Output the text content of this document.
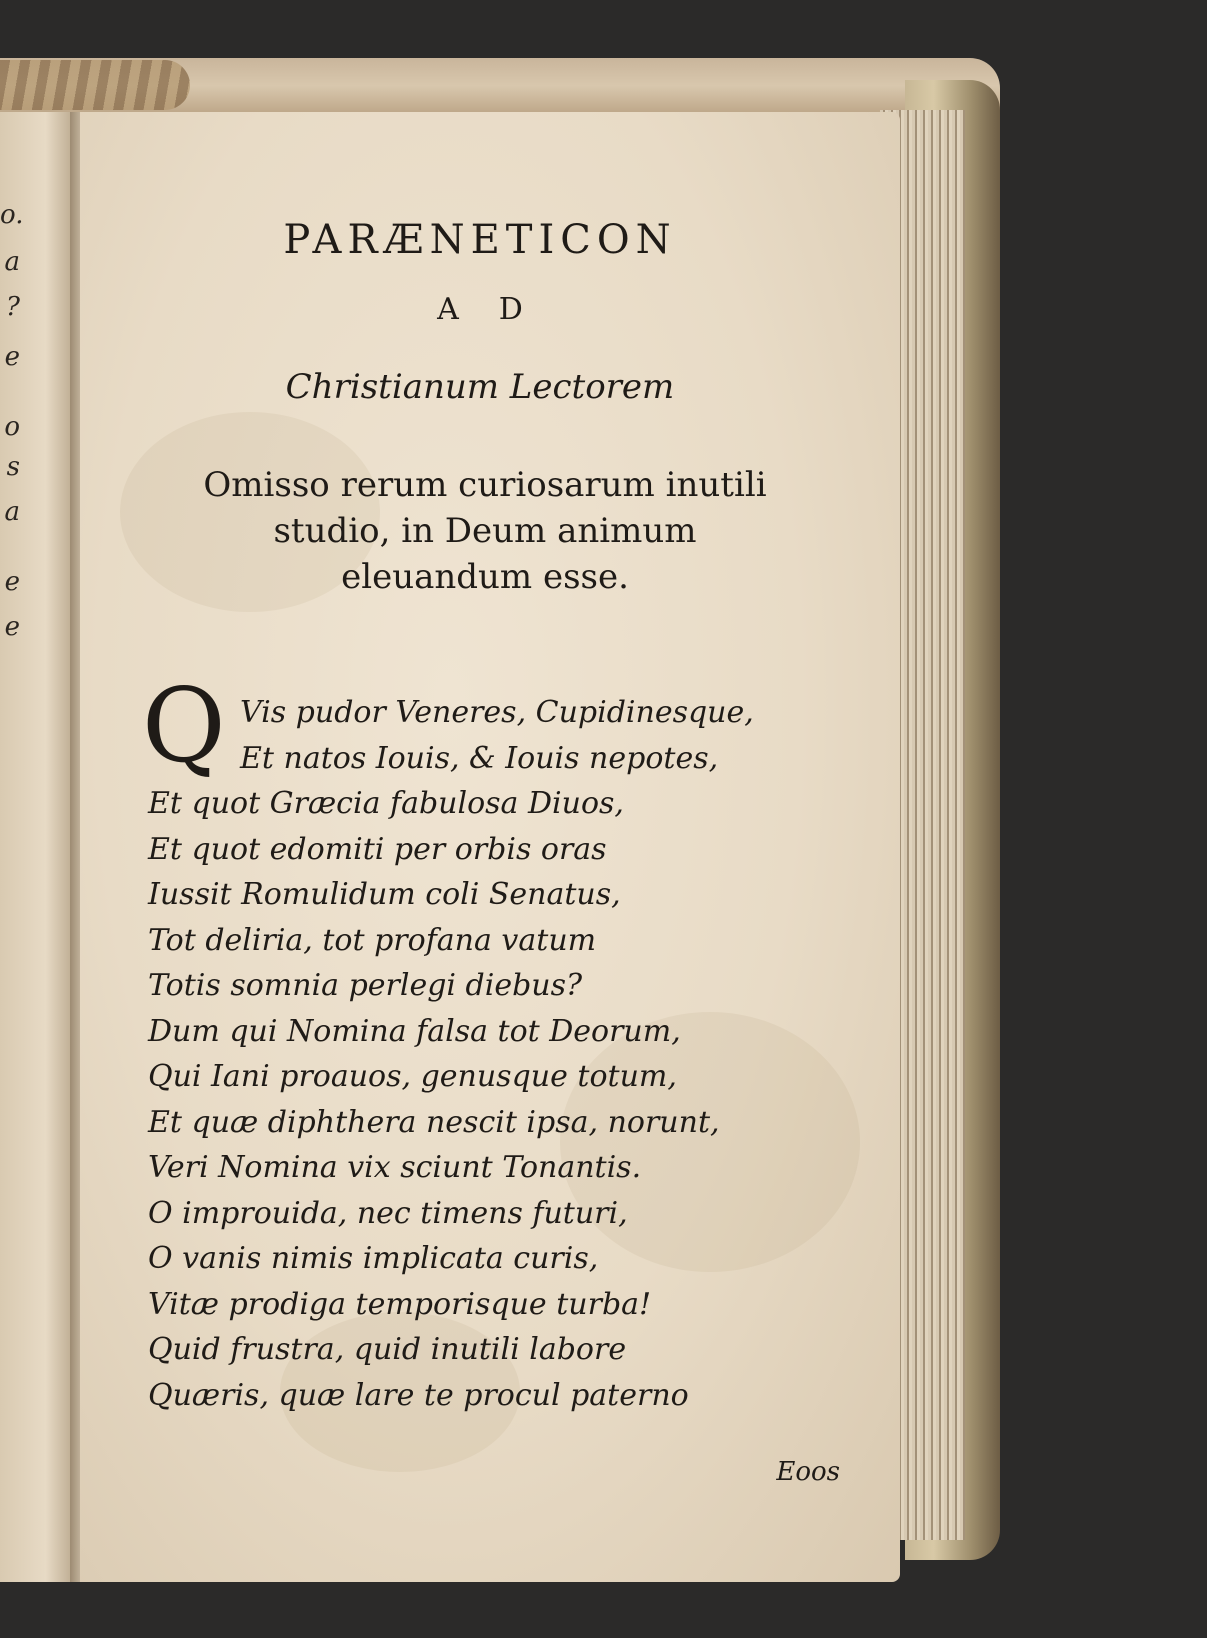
o.
a
?
e
o
s
a
e
e
PARÆNETICON
AD
Christianum Lectorem
Omisso rerum curiosarum inutili
studio, in Deum animum
eleuandum esse.
Q Vis pudor Veneres, Cupidinesque,
Et natos Iouis, & Iouis nepotes,
Et quot Græcia fabulosa Diuos,
Et quot edomiti per orbis oras
Iussit Romulidum coli Senatus,
Tot deliria, tot profana vatum
Totis somnia perlegi diebus?
Dum qui Nomina falsa tot Deorum,
Qui Iani proauos, genusque totum,
Et quæ diphthera nescit ipsa, norunt,
Veri Nomina vix sciunt Tonantis.
O improuida, nec timens futuri,
O vanis nimis implicata curis,
Vitæ prodiga temporisque turba!
Quid frustra, quid inutili labore
Quæris, quæ lare te procul paterno
Eoos
